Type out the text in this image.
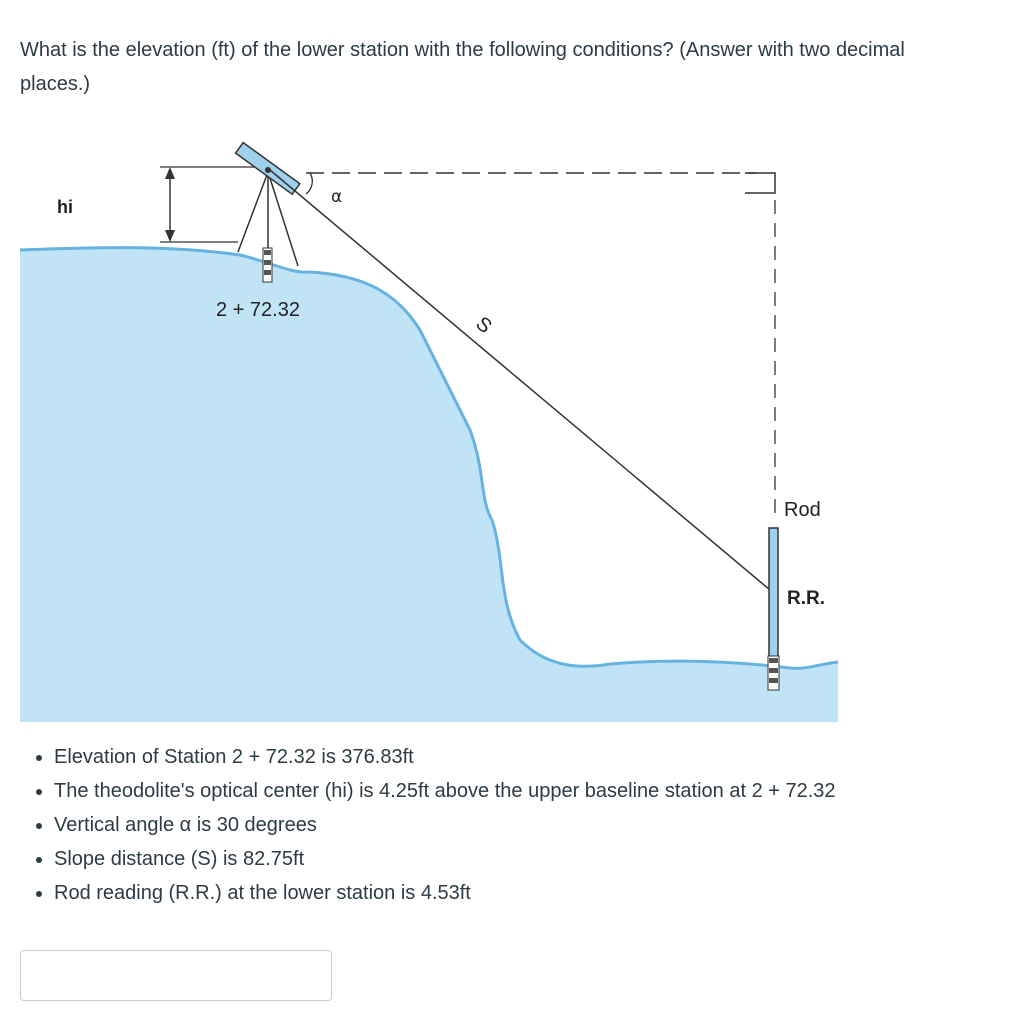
What is the elevation (ft) of the lower station with the following conditions? (Answer with two decimal places.)

hi	α
2 + 72.32
S
Rod
R.R.
• Elevation of Station 2 + 72.32 is 376.83ft
• The theodolite's optical center (hi) is 4.25ft above the upper baseline station at 2 + 72.32
• Vertical angle α is 30 degrees
• Slope distance (S) is 82.75ft
• Rod reading (R.R.) at the lower station is 4.53ft
